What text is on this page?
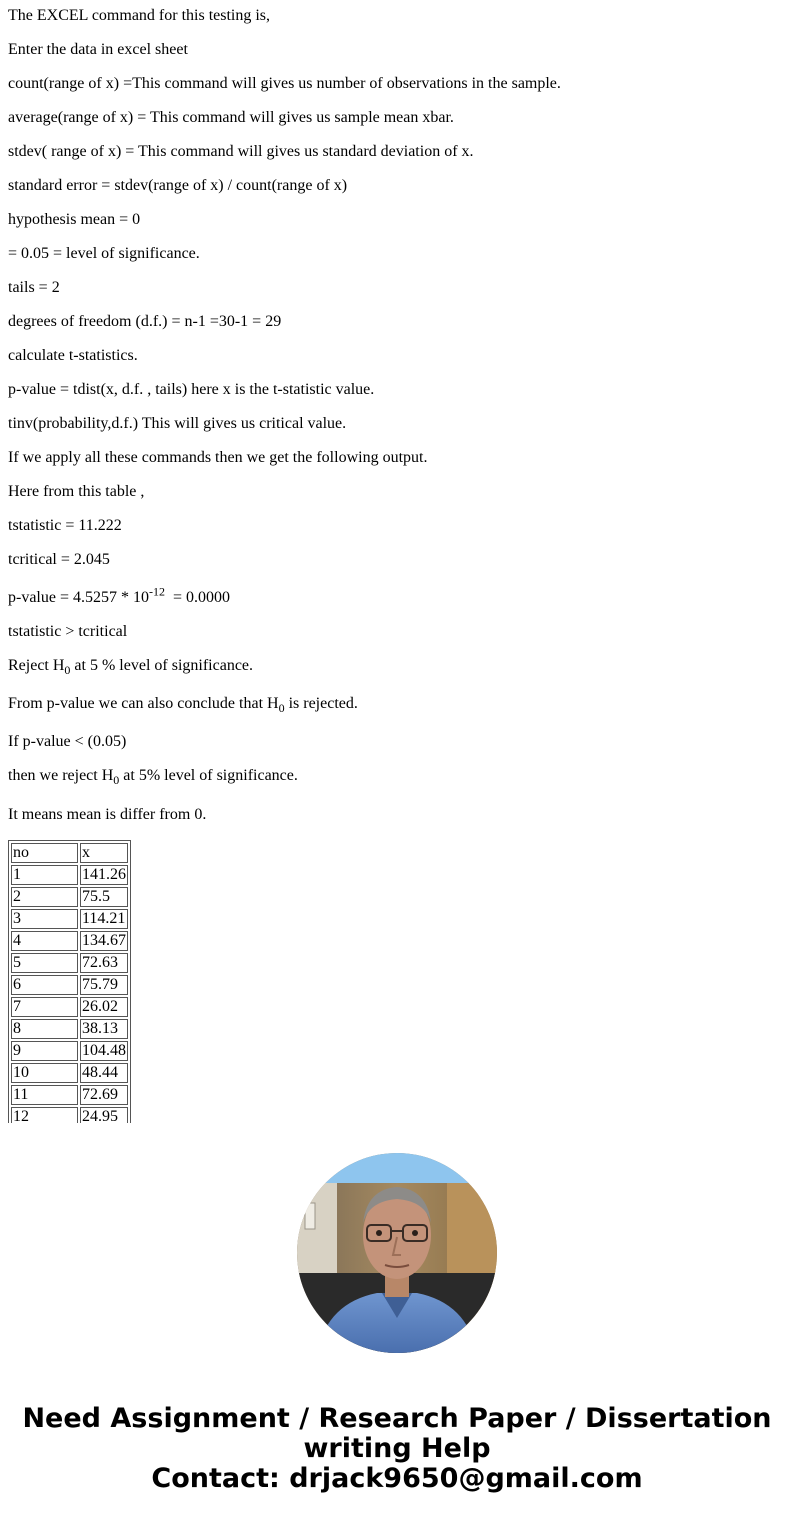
The EXCEL command for this testing is,

Enter the data in excel sheet

count(range of x) =This command will gives us number of observations in the sample.

average(range of x) = This command will gives us sample mean xbar.

stdev( range of x) = This command will gives us standard deviation of x.

standard error = stdev(range of x) / count(range of x)

hypothesis mean = 0

= 0.05 = level of significance.

tails = 2

degrees of freedom (d.f.) = n-1 =30-1 = 29

calculate t-statistics.

p-value = tdist(x, d.f. , tails) here x is the t-statistic value.

tinv(probability,d.f.) This will gives us critical value.

If we apply all these commands then we get the following output.

Here from this table ,

tstatistic = 11.222

tcritical = 2.045

p-value = $4.5257 * 10^{-12} = 0.0000$

tstatistic > tcritical

Reject $H_0$ at 5 % level of significance.

From p-value we can also conclude that $H_0$ is rejected.

If p-value < (0.05)

then we reject $H_0$ at 5% level of significance.

It means mean is differ from 0.

no	x
1	141.26
2	75.5
3	114.21
4	134.67
5	72.63
6	75.79
7	26.02
8	38.13
9	104.48
10	48.44
11	72.69
12	24.95
Need Assignment / Research Paper / Dissertation
writing Help
Contact: drjack9650@gmail.com
